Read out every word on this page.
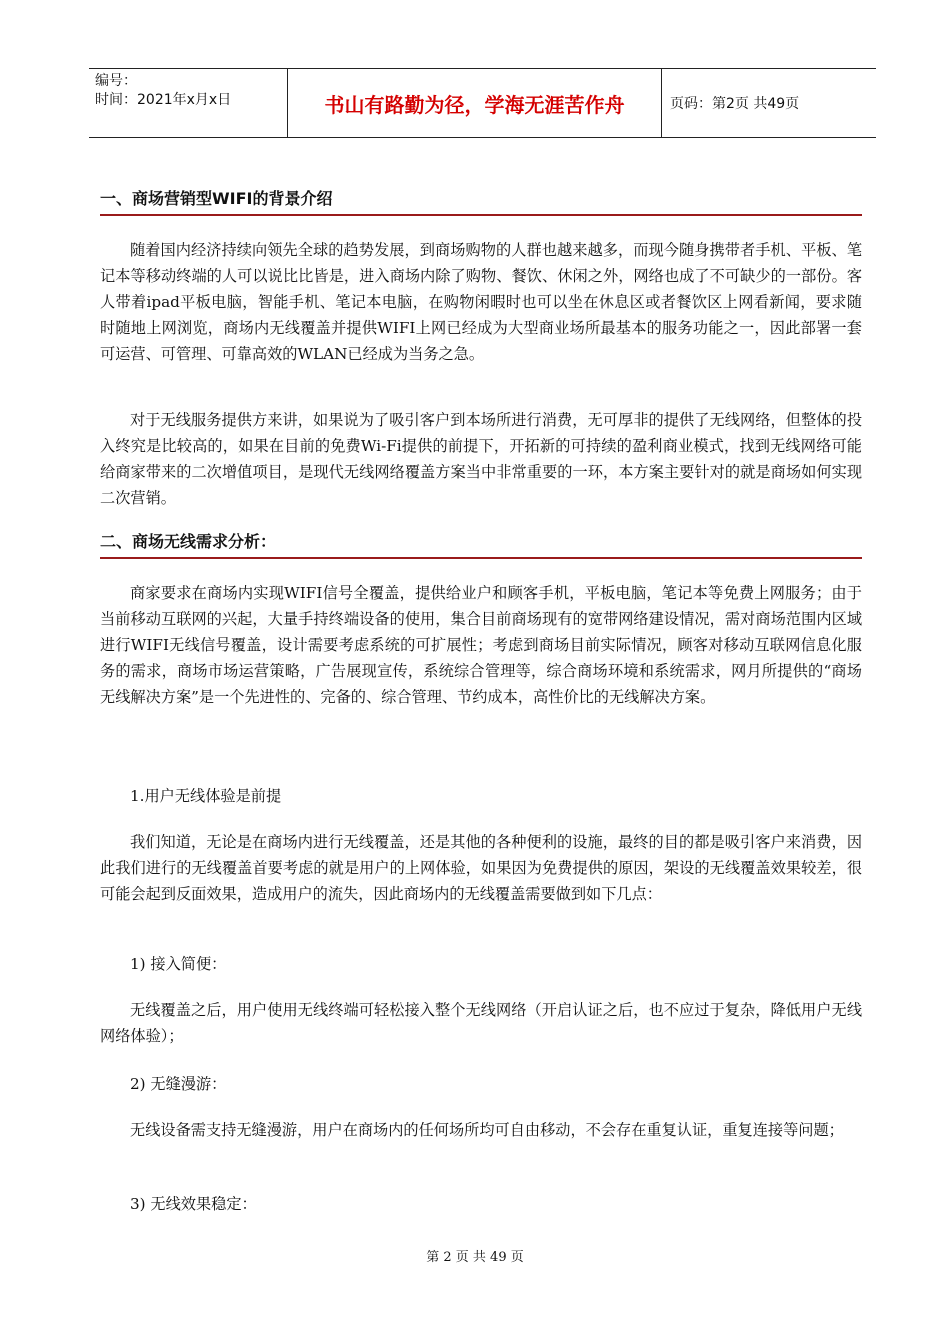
编号：
时间：2021年x月x日	书山有路勤为径，学海无涯苦作舟	页码：第2页 共49页
一、商场营销型WIFI的背景介绍
随着国内经济持续向领先全球的趋势发展，到商场购物的人群也越来越多，而现今随身携带者手机、平板、笔记本等移动终端的人可以说比比皆是，进入商场内除了购物、餐饮、休闲之外，网络也成了不可缺少的一部份。客人带着ipad平板电脑，智能手机、笔记本电脑，在购物闲暇时也可以坐在休息区或者餐饮区上网看新闻，要求随时随地上网浏览，商场内无线覆盖并提供WIFI上网已经成为大型商业场所最基本的服务功能之一，因此部署一套可运营、可管理、可靠高效的WLAN已经成为当务之急。
对于无线服务提供方来讲，如果说为了吸引客户到本场所进行消费，无可厚非的提供了无线网络，但整体的投入终究是比较高的，如果在目前的免费Wi-Fi提供的前提下，开拓新的可持续的盈利商业模式，找到无线网络可能给商家带来的二次增值项目，是现代无线网络覆盖方案当中非常重要的一环，本方案主要针对的就是商场如何实现二次营销。
二、商场无线需求分析：
商家要求在商场内实现WIFI信号全覆盖，提供给业户和顾客手机，平板电脑，笔记本等免费上网服务；由于当前移动互联网的兴起，大量手持终端设备的使用，集合目前商场现有的宽带网络建设情况，需对商场范围内区域进行WIFI无线信号覆盖，设计需要考虑系统的可扩展性；考虑到商场目前实际情况，顾客对移动互联网信息化服务的需求，商场市场运营策略，广告展现宣传，系统综合管理等，综合商场环境和系统需求，网月所提供的“商场无线解决方案”是一个先进性的、完备的、综合管理、节约成本，高性价比的无线解决方案。
1.用户无线体验是前提
我们知道，无论是在商场内进行无线覆盖，还是其他的各种便利的设施，最终的目的都是吸引客户来消费，因此我们进行的无线覆盖首要考虑的就是用户的上网体验，如果因为免费提供的原因，架设的无线覆盖效果较差，很可能会起到反面效果，造成用户的流失，因此商场内的无线覆盖需要做到如下几点：
1) 接入简便：
无线覆盖之后，用户使用无线终端可轻松接入整个无线网络（开启认证之后，也不应过于复杂，降低用户无线网络体验）；
2) 无缝漫游：
无线设备需支持无缝漫游，用户在商场内的任何场所均可自由移动，不会存在重复认证，重复连接等问题；
3) 无线效果稳定：
第 2 页 共 49 页
